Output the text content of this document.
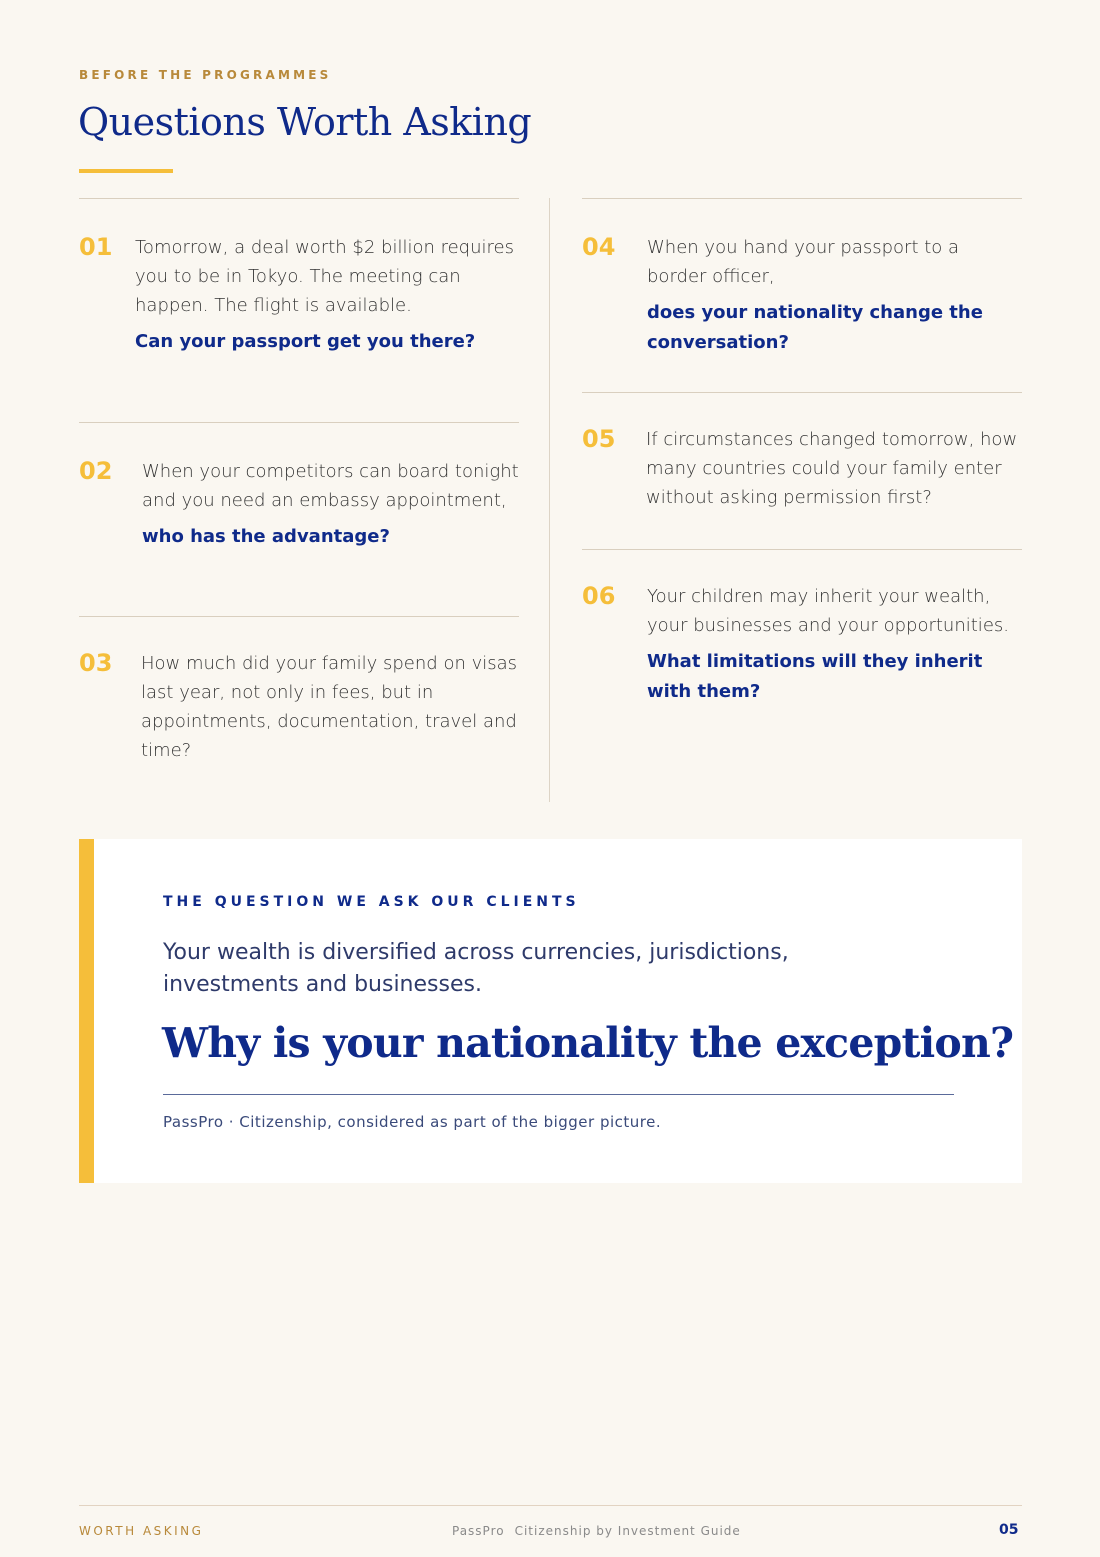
BEFORE THE PROGRAMMES
Questions Worth Asking
01 Tomorrow, a deal worth $2 billion requires you to be in Tokyo. The meeting can happen. The flight is available.

Can your passport get you there?

02 When your competitors can board tonight and you need an embassy appointment,

who has the advantage?

03 How much did your family spend on visas last year, not only in fees, but in appointments, documentation, travel and time?

04 When you hand your passport to a border officer,

does your nationality change the conversation?

05 If circumstances changed tomorrow, how many countries could your family enter without asking permission first?

06 Your children may inherit your wealth, your businesses and your opportunities.

What limitations will they inherit with them?

THE QUESTION WE ASK OUR CLIENTS

Your wealth is diversified across currencies, jurisdictions, investments and businesses.

Why is your nationality the exception?
PassPro · Citizenship, considered as part of the bigger picture.
WORTH ASKING	PassPro Citizenship by Investment Guide	05
